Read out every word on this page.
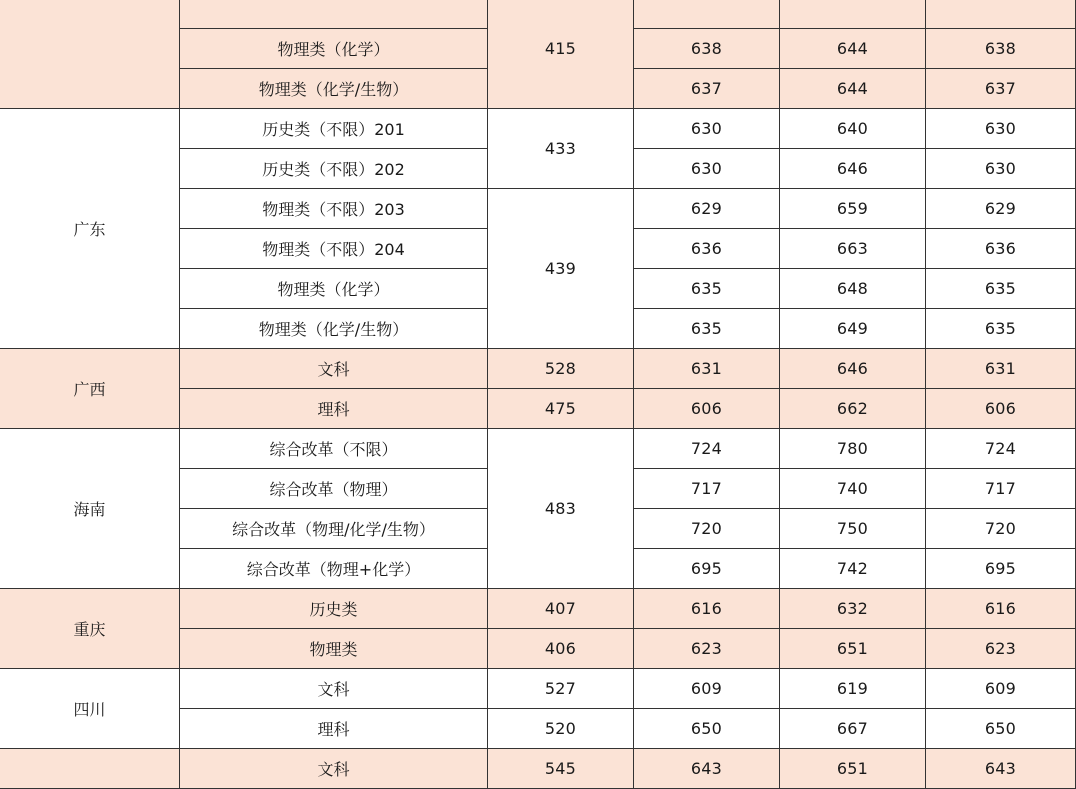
		415			
	物理类（化学）		638	644	638
	物理类（化学/生物）		637	644	637
广东	历史类（不限）201	433	630	640	630
	历史类（不限）202		630	646	630
	物理类（不限）203	439	629	659	629
	物理类（不限）204		636	663	636
	物理类（化学）		635	648	635
	物理类（化学/生物）		635	649	635
广西	文科	528	631	646	631
	理科	475	606	662	606
海南	综合改革（不限）	483	724	780	724
	综合改革（物理）		717	740	717
	综合改革（物理/化学/生物）		720	750	720
	综合改革（物理+化学）		695	742	695
重庆	历史类	407	616	632	616
	物理类	406	623	651	623
四川	文科	527	609	619	609
	理科	520	650	667	650
	文科	545	643	651	643
